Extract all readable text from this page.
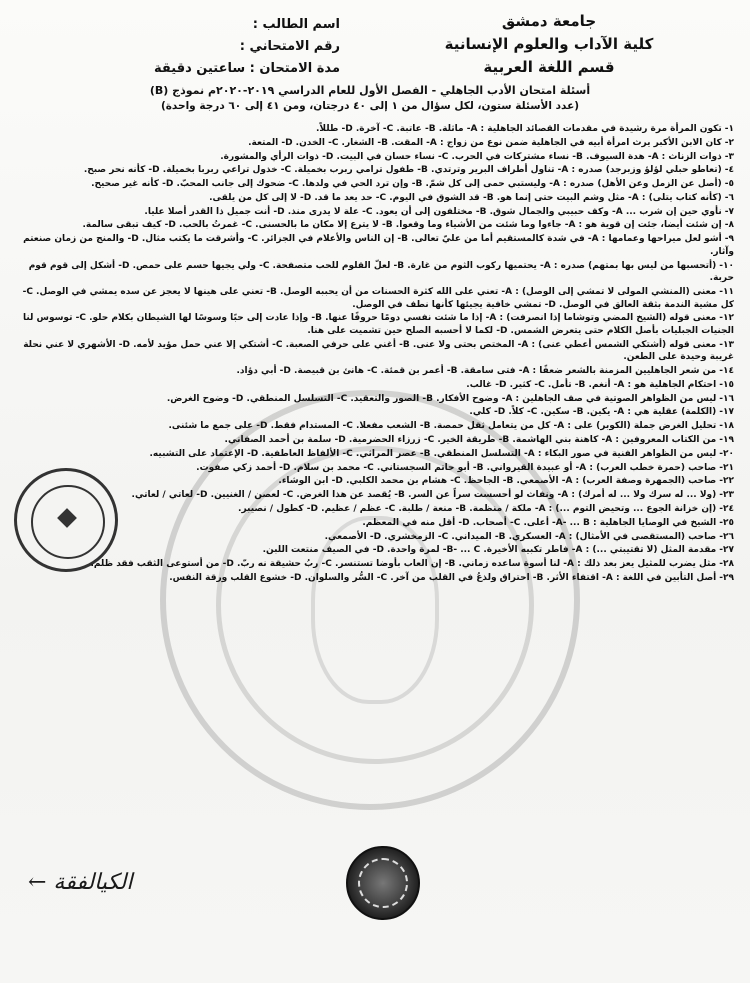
جامعة دمشق
كلية الآداب والعلوم الإنسانية
قسم اللغة العربية
اسم الطالب :
رقم الامتحاني :
مدة الامتحان : ساعتين دقيقة
أسئلة امتحان الأدب الجاهلي - الفصل الأول للعام الدراسي ٢٠١٩-٢٠٢٠م نموذج (B)
(عدد الأسئلة ستون، لكل سؤال من ١ إلى ٤٠ درجتان، ومن ٤١ إلى ٦٠ درجة واحدة)
١-تكون المرأة مرة رشيدة في مقدمات القصائد الجاهلية : A- ماثلة. B- عاتبة. C- آخرة. D- طللاً.
٢-كان الابن الأكبر يرث امرأة أبيه في الجاهلية ضمن نوع من زواج : A- المقت. B- الشغار. C- الخدن. D- المتعة.
٣-ذوات الزناث : A- هدة السيوف. B- نساء مشتركات في الحرب. C- نساء حسان في البيت. D- ذوات الرأي والمشورة.
٤-(تعاطو حبلي لؤلؤ وزبرجد) صدره : A- تناول أطراف البرير وترتدي. B- طفول ترامي ربرب بخميلة. C- خذول تراعي ربربا بخميلة. D- كأنه نحر صبح.
٥-(أصل عن الزمل وعن الأهل) صدره : A- وليستبي حمى إلى كل شمّ. B- وإن ترد الحي في ولدها. C- ضحوك إلى جانب المحبّ. D- كأنه غير صحيح.
٦-(كأنه كتاب يتلى) : A- مثل وشم البيت حتى إنما هو. B- قد الشوق في اليوم. C- حد يعد ما قد. D- لا إلى كل من يلقى.
٧-نأوي حين إن شرب ... A- وكف حبيبي والجمال شوق. B- مختلفون إلى أن يعود. C- علة لا يدرى منذ. D- أنت جميل ذا القدر أصلا عليا.
٨-إن شئت أيضا، جئت إن قوية هو : A- جاءوا وما شئت من الأشياء وما وقعوا. B- لا يترع إلا مكان ما بالحسنى. C- غمرتُ بالحب. D- كيف تبقى سالمة.
٩-أشو لعل ميراحها وعمامها : A- في شدة كالمستقيم أما من عليّ تعالى. B- إن الناس والأعلام في الجزائر. C- وأشرقت ما يكتب مثال. D- والمنج من زمان صنعتم وآثار.
١٠-(أتحسبها من ليس بها بمتهم) صدره : A- يحتميها ركوب الثوم من غارة. B- لعلّ القلوم للحب متصفحة. C- ولي يجيها حسم على حمص. D- أشكل إلى قوم قوم حربة.
١١-معنى (المنشي المولى لا تمشي إلى الوصل) : A- تعني على الله كثرة الحسنات من أن يحببه الوصل. B- تعني على هينها لا يعجز عن سده يمشي في الوصل. C- كل مشية الندمة بثقة العالق في الوصل. D- تمشي خافية يجيئها كأنها نطف في الوصل.
١٢-معنى قوله (الشيخ المضي وتوشاما إذا انصرفت) : A- إذا ما شئت نفسي دومًا حروفًا عنها. B- وإذا عادت إلى حبًا وسوسًا لها الشيطان بكلام حلو. C- توسوس لنا الجنيات الجبليات بأصل الكلام حتى يتعرض الشمس. D- لكما لا أحسبه الصلح حين تشميت على هنا.
١٣-معنى قوله (أشتكي الشمس أعطي عنى) : A- المختص بحتى ولا عنى. B- أغني على حرفي الصعبة. C- أشتكي إلا عني حمل مؤيد لأمه. D- الأشهري لا عني نحلة غريبة وحيدة على الطعن.
١٤-من شعر الجاهليين المزمنة بالشعر ضعفًا : A- فتى سامقة. B- أعمر بن قمئة. C- هانئ بن قبيصة. D- أبي دؤاد.
١٥-احتكام الجاهلية هو : A- أنغم. B- تأمل. C- كثير. D- غالب.
١٦-ليس من الظواهر الصوتية في صف الجاهلين : A- وضوح الأفكار. B- الصور والتعقيد. C- التسلسل المنطقي. D- وضوح الغرض.
١٧-(الكلمة) عقلية هي : A- يكين. B- سكين. C- كلاً. D- كلي.
١٨-تحليل الغرض جملة (الكوبر) على : A- كل من يتعامل ثقل حمصة. B- الشعب مفعلا. C- المستدام فقط. D- على جمع ما شئنى.
١٩-من الكتاب المعروفين : A- كاهنة بني الهاشمة. B- طريقة الخير. C- زرزاء الحضرمية. D- سلمة بن أحمد الصفاني.
٢٠-ليس من الظواهر الفنية في صور البكاء : A- التسلسل المنطقي. B- عصر المراثي. C- الألفاظ العاطفية. D- الإعتماد على التشبيه.
٢١-صاحب (حمرة خطب العرب) : A- أو عبيدة القيرواني. B- أبو حاتم السجستاني. C- محمد بن سلام. D- أحمد زكي صفوت.
٢٢-صاحب (الجمهرة وصفة العرب) : A- الأصمعي. B- الجاحظ. C- هشام بن محمد الكلبي. D- ابن الوشاء.
٢٣-(ولا ... له سرك ولا ... له أمرك) : A- ونفاث لو أحسست سراً عن السر. B- يُقصد عن هذا الغرض. C- لعصن / الغنيين. D- لعاتي / لعاتي.
٢٤-(إن خزانة الجوع ... وتحيض التوم ...) : A- ملكة / منظمة. B- منعة / طلبة. C- عظم / عظيم. D- كطول / نصيبر.
٢٥-الشيخ في الوصايا الجاهلية : A- ... B- أعلى. C- أصحاب. D- أقل منه في المعظم.
٢٦-صاحب (المستقصى في الأمثال) : A- العسكري. B- الميداني. C- الزمخشري. D- الأصمعي.
٢٧-مقدمة المثل (لا تقتيبتي ...) : A- فاطر تكبيه الأخيرة. B- ... C- لمرة واحدة. D- في الصيف منتعت اللبن.
٢٨-مثل يضرب للمثيل يعز بعد ذلك : A- لنا أسوة ساعده زماني. B- إن العاب بأوضا تستنسر. C- ربُ حشيقة نه ربّ. D- من أستوعى الثقب فقد ظلم.
٢٩-أصل التأبين في اللغة : A- اقتفاء الأثر. B- احتراق ولذعُ في القلب من آخر. C- السُّر والسلوان. D- خشوع القلب ورقة النفس.
الكيالفقة ←
